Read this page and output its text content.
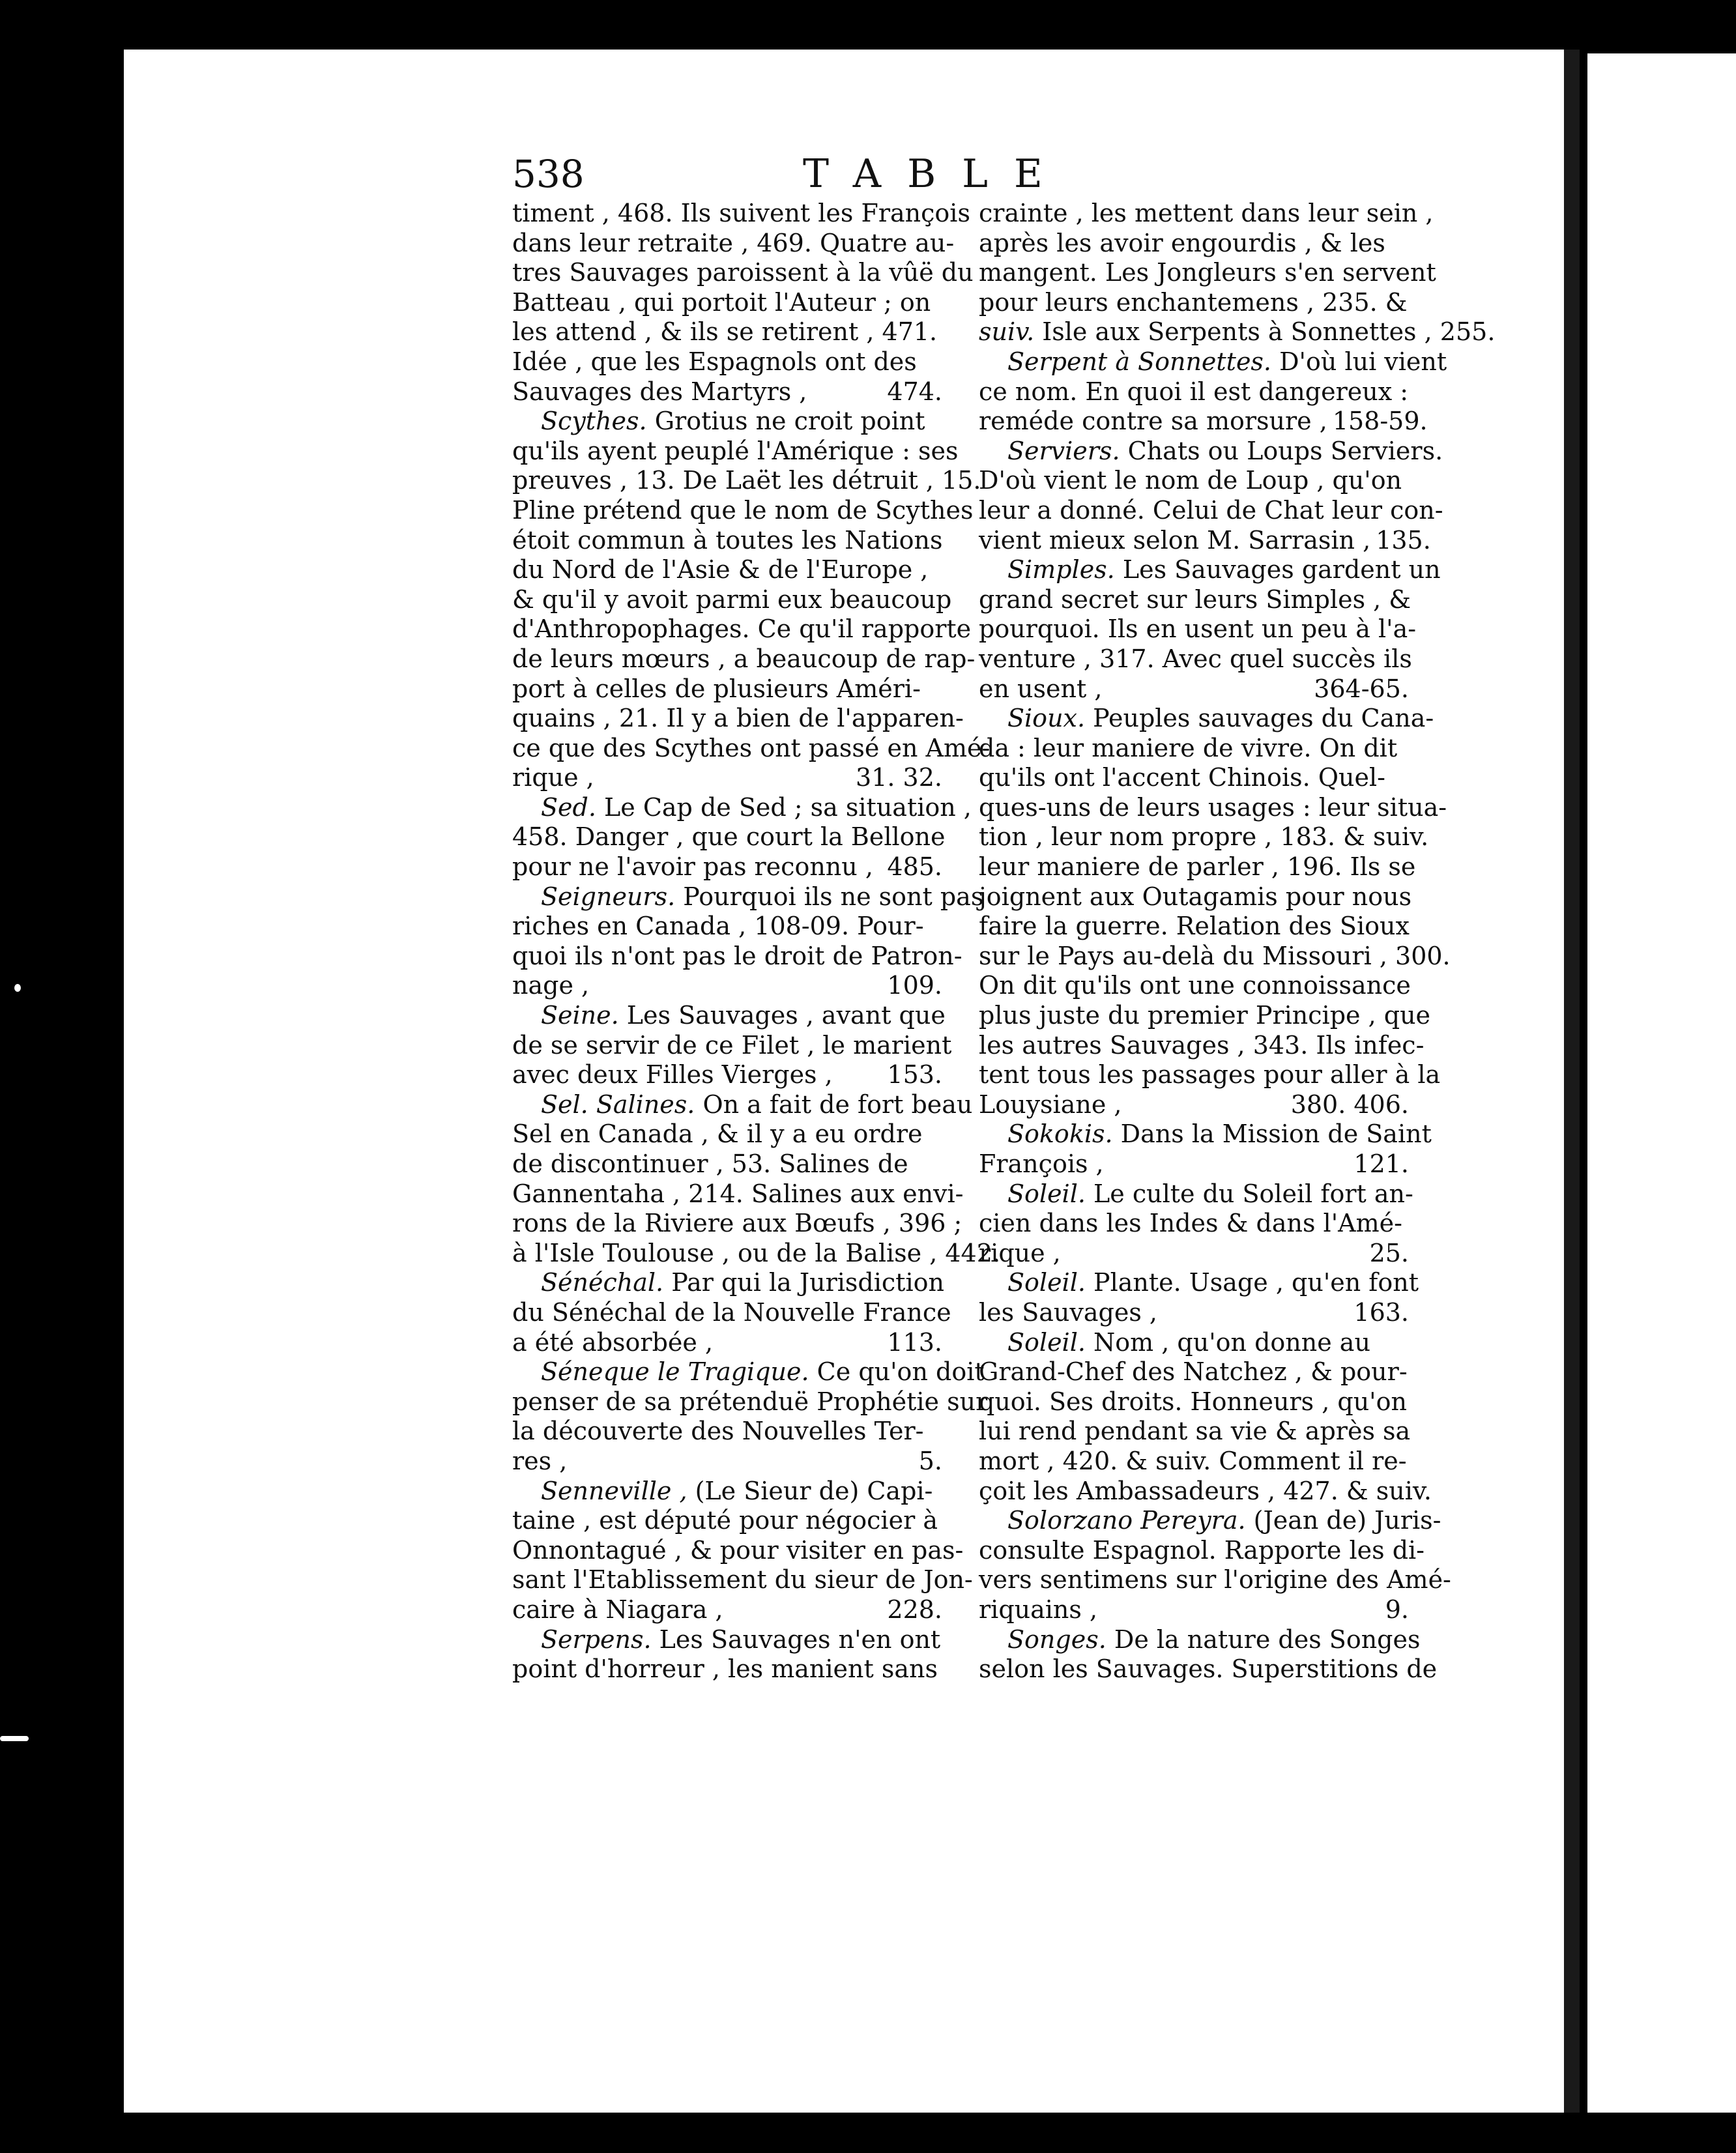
538	TABLE
timent , 468. Ils suivent les François
dans leur retraite , 469. Quatre au-
tres Sauvages paroissent à la vûë du
Batteau , qui portoit l'Auteur ; on
les attend , & ils se retirent , 471.
Idée , que les Espagnols ont des
Sauvages des Martyrs ,	474.
Scythes. Grotius ne croit point
qu'ils ayent peuplé l'Amérique : ses
preuves , 13. De Laët les détruit , 15.
Pline prétend que le nom de Scythes
étoit commun à toutes les Nations
du Nord de l'Asie & de l'Europe ,
& qu'il y avoit parmi eux beaucoup
d'Anthropophages. Ce qu'il rapporte
de leurs mœurs , a beaucoup de rap-
port à celles de plusieurs Améri-
quains , 21. Il y a bien de l'apparen-
ce que des Scythes ont passé en Amé-
rique ,	31. 32.
Sed. Le Cap de Sed ; sa situation ,
458. Danger , que court la Bellone
pour ne l'avoir pas reconnu , 485.
Seigneurs. Pourquoi ils ne sont pas
riches en Canada , 108-09. Pour-
quoi ils n'ont pas le droit de Patron-
nage ,	109.
Seine. Les Sauvages , avant que
de se servir de ce Filet , le marient
avec deux Filles Vierges , 153.
Sel. Salines. On a fait de fort beau
Sel en Canada , & il y a eu ordre
de discontinuer , 53. Salines de
Gannentaha , 214. Salines aux envi-
rons de la Riviere aux Bœufs , 396 ;
à l'Isle Toulouse , ou de la Balise , 442.
Sénéchal. Par qui la Jurisdiction
du Sénéchal de la Nouvelle France
a été absorbée ,	113.
Séneque le Tragique. Ce qu'on doit
penser de sa prétenduë Prophétie sur
la découverte des Nouvelles Ter-
res ,	5.
Senneville , (Le Sieur de) Capi-
taine , est député pour négocier à
Onnontagué , & pour visiter en pas-
sant l'Etablissement du sieur de Jon-
caire à Niagara ,	228.
Serpens. Les Sauvages n'en ont
point d'horreur , les manient sans
crainte , les mettent dans leur sein ,
après les avoir engourdis , & les
mangent. Les Jongleurs s'en servent
pour leurs enchantemens , 235. &
suiv. Isle aux Serpents à Sonnettes , 255.
Serpent à Sonnettes. D'où lui vient
ce nom. En quoi il est dangereux :
reméde contre sa morsure , 158-59.
Serviers. Chats ou Loups Serviers.
D'où vient le nom de Loup , qu'on
leur a donné. Celui de Chat leur con-
vient mieux selon M. Sarrasin , 135.
Simples. Les Sauvages gardent un
grand secret sur leurs Simples , &
pourquoi. Ils en usent un peu à l'a-
venture , 317. Avec quel succès ils
en usent ,	364-65.
Sioux. Peuples sauvages du Cana-
da : leur maniere de vivre. On dit
qu'ils ont l'accent Chinois. Quel-
ques-uns de leurs usages : leur situa-
tion , leur nom propre , 183. & suiv.
leur maniere de parler , 196. Ils se
joignent aux Outagamis pour nous
faire la guerre. Relation des Sioux
sur le Pays au-delà du Missouri , 300.
On dit qu'ils ont une connoissance
plus juste du premier Principe , que
les autres Sauvages , 343. Ils infec-
tent tous les passages pour aller à la
Louysiane ,	380. 406.
Sokokis. Dans la Mission de Saint
François ,	121.
Soleil. Le culte du Soleil fort an-
cien dans les Indes & dans l'Amé-
rique ,	25.
Soleil. Plante. Usage , qu'en font
les Sauvages ,	163.
Soleil. Nom , qu'on donne au
Grand-Chef des Natchez , & pour-
quoi. Ses droits. Honneurs , qu'on
lui rend pendant sa vie & après sa
mort , 420. & suiv. Comment il re-
çoit les Ambassadeurs , 427. & suiv.
Solorzano Pereyra. (Jean de) Juris-
consulte Espagnol. Rapporte les di-
vers sentimens sur l'origine des Amé-
riquains ,	9.
Songes. De la nature des Songes
selon les Sauvages. Superstitions de
